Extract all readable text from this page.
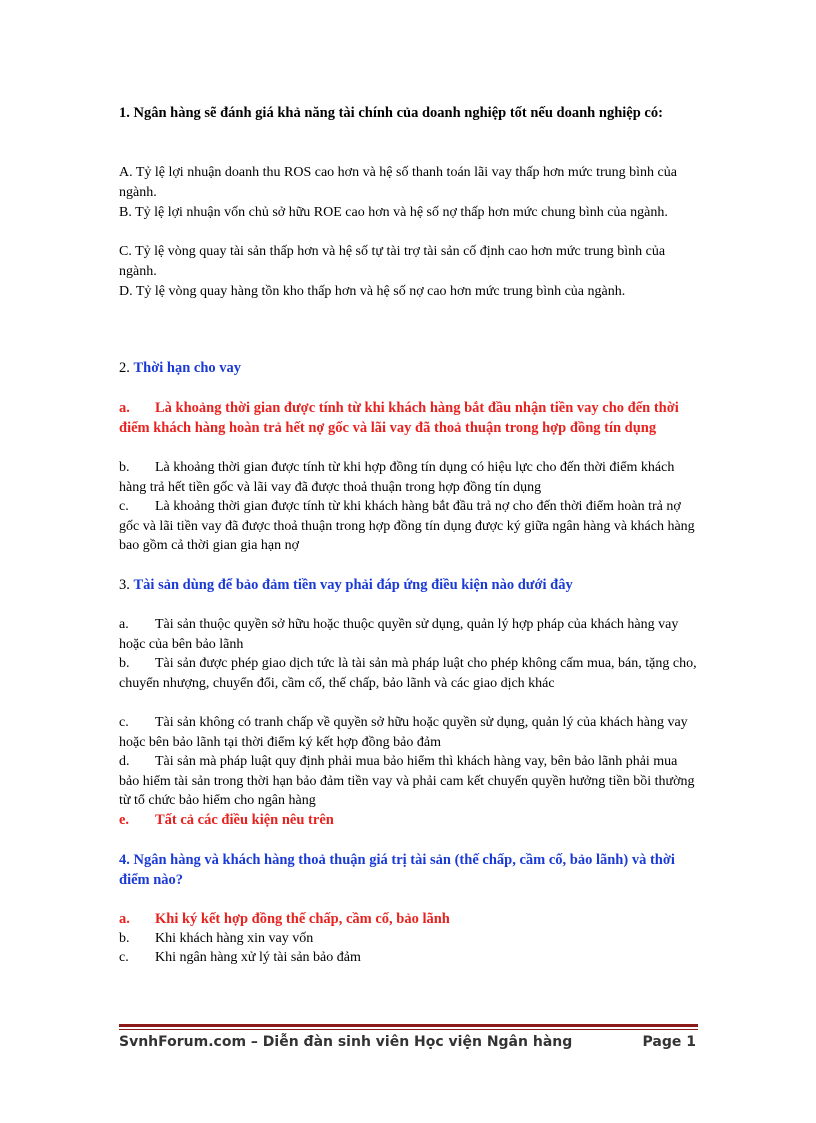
1. Ngân hàng sẽ đánh giá khả năng tài chính của doanh nghiệp tốt nếu doanh nghiệp có:
A. Tỷ lệ lợi nhuận doanh thu ROS cao hơn và hệ số thanh toán lãi vay thấp hơn mức trung bình của ngành.
B. Tỷ lệ lợi nhuận vốn chủ sở hữu ROE cao hơn và hệ số nợ thấp hơn mức chung bình của ngành.
C. Tỷ lệ vòng quay tài sản thấp hơn và hệ số tự tài trợ tài sản cố định cao hơn mức trung bình của ngành.
D. Tỷ lệ vòng quay hàng tồn kho thấp hơn và hệ số nợ cao hơn mức trung bình của ngành.
2. Thời hạn cho vay
a. Là khoảng thời gian được tính từ khi khách hàng bắt đầu nhận tiền vay cho đến thời điểm khách hàng hoàn trả hết nợ gốc và lãi vay đã thoả thuận trong hợp đồng tín dụng
b. Là khoảng thời gian được tính từ khi hợp đồng tín dụng có hiệu lực cho đến thời điểm khách hàng trả hết tiền gốc và lãi vay đã được thoả thuận trong hợp đồng tín dụng
c. Là khoảng thời gian được tính từ khi khách hàng bắt đầu trả nợ cho đến thời điểm hoàn trả nợ gốc và lãi tiền vay đã được thoả thuận trong hợp đồng tín dụng được ký giữa ngân hàng và khách hàng bao gồm cả thời gian gia hạn nợ
3. Tài sản dùng để bảo đảm tiền vay phải đáp ứng điều kiện nào dưới đây
a. Tài sản thuộc quyền sở hữu hoặc thuộc quyền sử dụng, quản lý hợp pháp của khách hàng vay hoặc của bên bảo lãnh
b. Tài sản được phép giao dịch tức là tài sản mà pháp luật cho phép không cấm mua, bán, tặng cho, chuyển nhượng, chuyển đổi, cầm cố, thế chấp, bảo lãnh và các giao dịch khác
c. Tài sản không có tranh chấp về quyền sở hữu hoặc quyền sử dụng, quản lý của khách hàng vay hoặc bên bảo lãnh tại thời điểm ký kết hợp đồng bảo đảm
d. Tài sản mà pháp luật quy định phải mua bảo hiểm thì khách hàng vay, bên bảo lãnh phải mua bảo hiểm tài sản trong thời hạn bảo đảm tiền vay và phải cam kết chuyển quyền hưởng tiền bồi thường từ tổ chức bảo hiểm cho ngân hàng
e. Tất cả các điều kiện nêu trên
4. Ngân hàng và khách hàng thoả thuận giá trị tài sản (thế chấp, cầm cố, bảo lãnh) và thời điểm nào?
a. Khi ký kết hợp đồng thế chấp, cầm cố, bảo lãnh
b. Khi khách hàng xin vay vốn
c. Khi ngân hàng xử lý tài sản bảo đảm
SvnhForum.com – Diễn đàn sinh viên Học viện Ngân hàng	Page 1
